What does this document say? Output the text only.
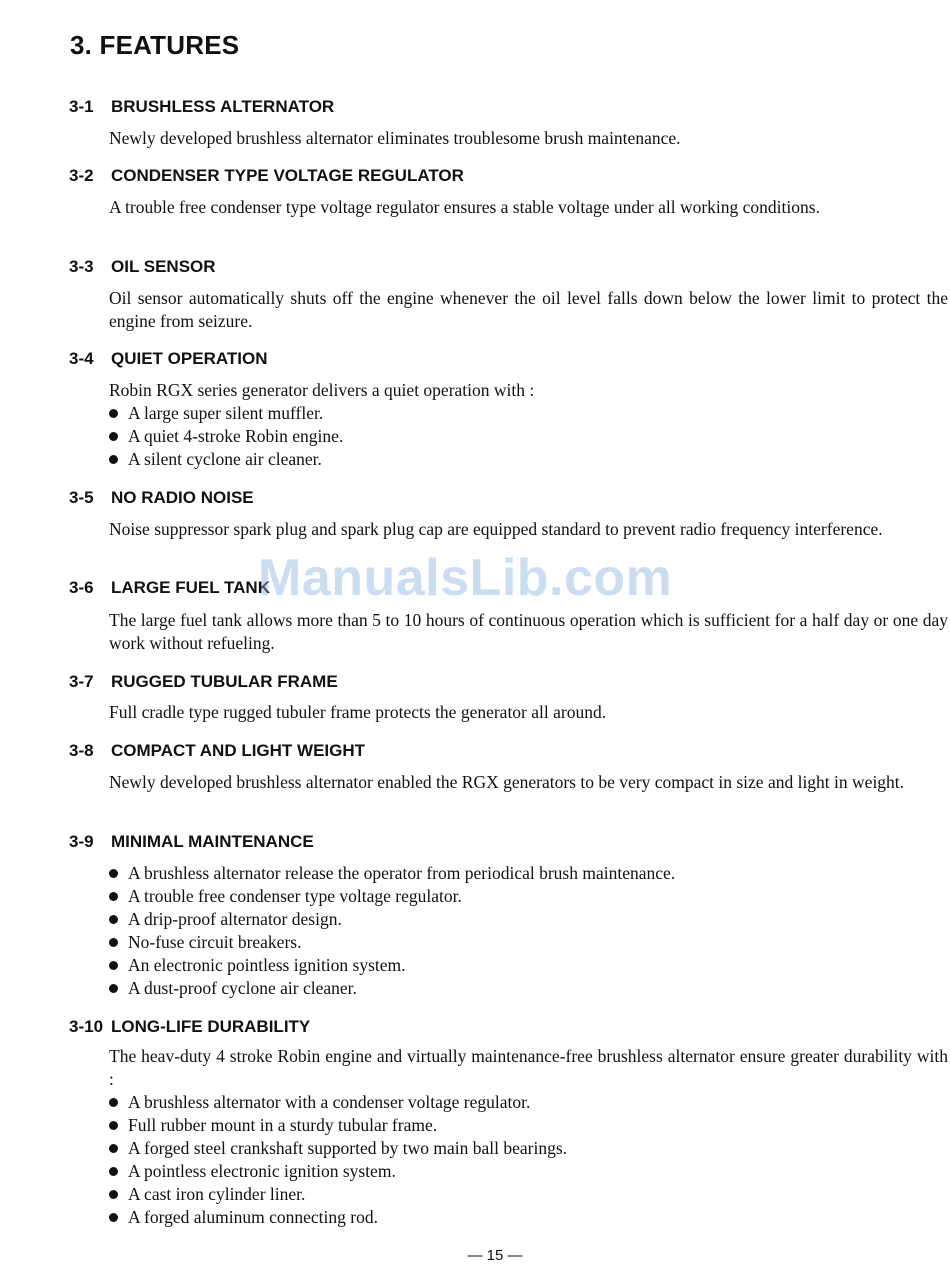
3. FEATURES
3-1 BRUSHLESS ALTERNATOR
Newly developed brushless alternator eliminates troublesome brush maintenance.
3-2 CONDENSER TYPE VOLTAGE REGULATOR
A trouble free condenser type voltage regulator ensures a stable voltage under all working conditions.
3-3 OIL SENSOR
Oil sensor automatically shuts off the engine whenever the oil level falls down below the lower limit to protect the engine from seizure.
3-4 QUIET OPERATION
Robin RGX series generator delivers a quiet operation with :
A large super silent muffler.
A quiet 4-stroke Robin engine.
A silent cyclone air cleaner.
3-5 NO RADIO NOISE
Noise suppressor spark plug and spark plug cap are equipped standard to prevent radio frequency interference.
3-6 LARGE FUEL TANK
The large fuel tank allows more than 5 to 10 hours of continuous operation which is sufficient for a half day or one day work without refueling.
3-7 RUGGED TUBULAR FRAME
Full cradle type rugged tubuler frame protects the generator all around.
3-8 COMPACT AND LIGHT WEIGHT
Newly developed brushless alternator enabled the RGX generators to be very compact in size and light in weight.
3-9 MINIMAL MAINTENANCE
A brushless alternator release the operator from periodical brush maintenance.
A trouble free condenser type voltage regulator.
A drip-proof alternator design.
No-fuse circuit breakers.
An electronic pointless ignition system.
A dust-proof cyclone air cleaner.
3-10 LONG-LIFE DURABILITY
The heav-duty 4 stroke Robin engine and virtually maintenance-free brushless alternator ensure greater durability with :
A brushless alternator with a condenser voltage regulator.
Full rubber mount in a sturdy tubular frame.
A forged steel crankshaft supported by two main ball bearings.
A pointless electronic ignition system.
A cast iron cylinder liner.
A forged aluminum connecting rod.
ManualsLib.com
— 15 —
